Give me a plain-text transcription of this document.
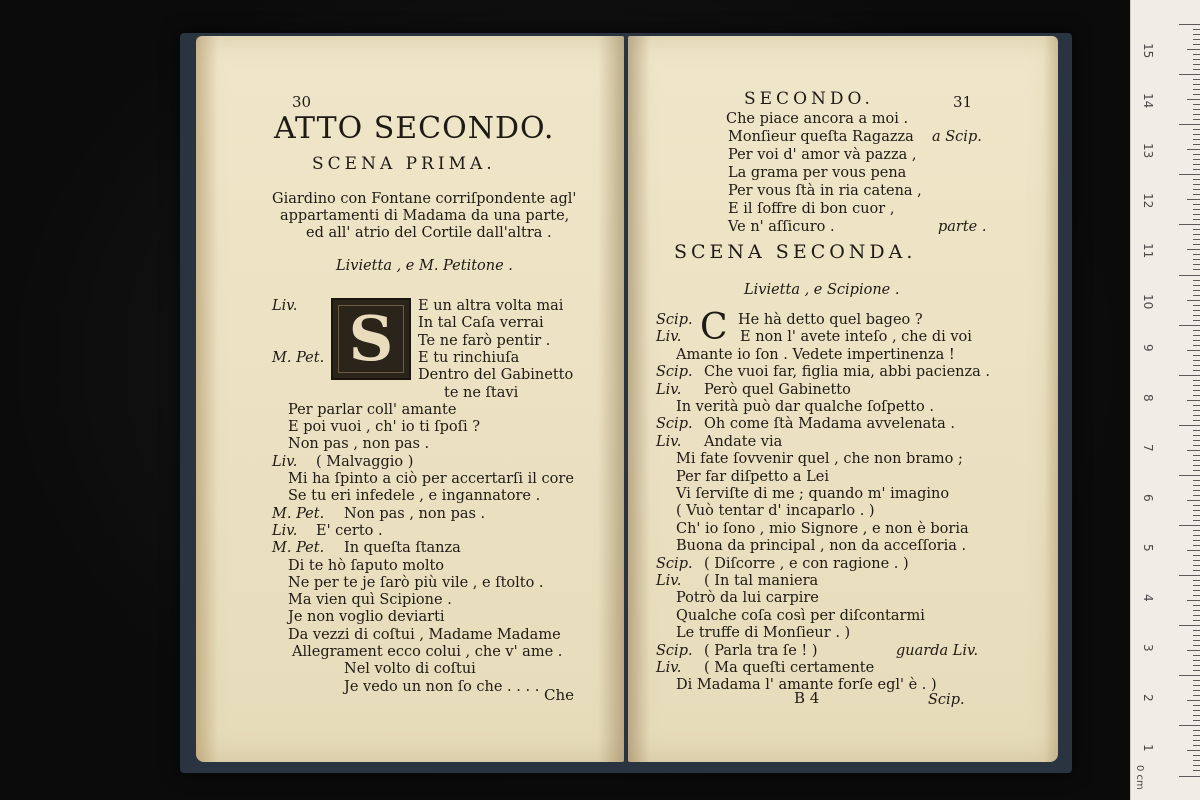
30
ATTO SECONDO.
SCENA PRIMA.
Giardino con Fontane corriſpondente agl'
appartamenti di Madama da una parte,
ed all' atrio del Cortile dall'altra .
Livietta , e M. Petitone .
S
Liv.	E un altra volta mai
In tal Caſa verrai
Te ne farò pentir .
M. Pet.	E tu rinchiuſa
Dentro del Gabinetto
te ne ſtavi
Per parlar coll' amante
E poi vuoi , ch' io ti ſpoſi ?
Non pas , non pas .
Liv. ( Malvaggio )
Mi ha ſpinto a ciò per accertarſi il core
Se tu eri infedele , e ingannatore .
M. Pet. Non pas , non pas .
Liv. E' certo .
M. Pet. In queſta ſtanza
Di te hò ſaputo molto
Ne per te je ſarò più vile , e ſtolto .
Ma vien quì Scipione .
Je non voglio deviarti
Da vezzi di coſtui , Madame Madame
Allegrament ecco colui , che v' ame .
Nel volto di coſtui
Je vedo un non ſo che . . . . Che
SECONDO.	31
Che piace ancora a moi .
Monſieur queſta Ragazza a Scip.
Per voi d' amor và pazza ,
La grama per vous pena
Per vous ſtà in ria catena ,
E il ſoffre di bon cuor ,
Ve n' aſſicuro .	parte .
SCENA SECONDA.
Livietta , e Scipione .
C
Scip.	He hà detto quel bageo ?
Liv.	E non l' avete inteſo , che di voi
Amante io ſon . Vedete impertinenza !
Scip. Che vuoi far, figlia mia, abbi pacienza .
Liv. Però quel Gabinetto
In verità può dar qualche ſoſpetto .
Scip. Oh come ſtà Madama avvelenata .
Liv. Andate via
Mi fate ſovvenir quel , che non bramo ;
Per far diſpetto a Lei
Vi ſerviſte di me ; quando m' imagino
( Vuò tentar d' incaparlo . )
Ch' io ſono , mio Signore , e non è boria
Buona da principal , non da acceſſoria .
Scip. ( Diſcorre , e con ragione . )
Liv. ( In tal maniera
Potrò da lui carpire
Qualche coſa così per diſcontarmi
Le truffe di Monſieur . )
Scip. ( Parla tra ſe ! )	guarda Liv.
Liv. ( Ma queſti certamente
Di Madama l' amante forſe egl' è . )
B 4	Scip.
15
14
13
12
11
10
9
8
7
6
5
4
3
2
1
0 cm
